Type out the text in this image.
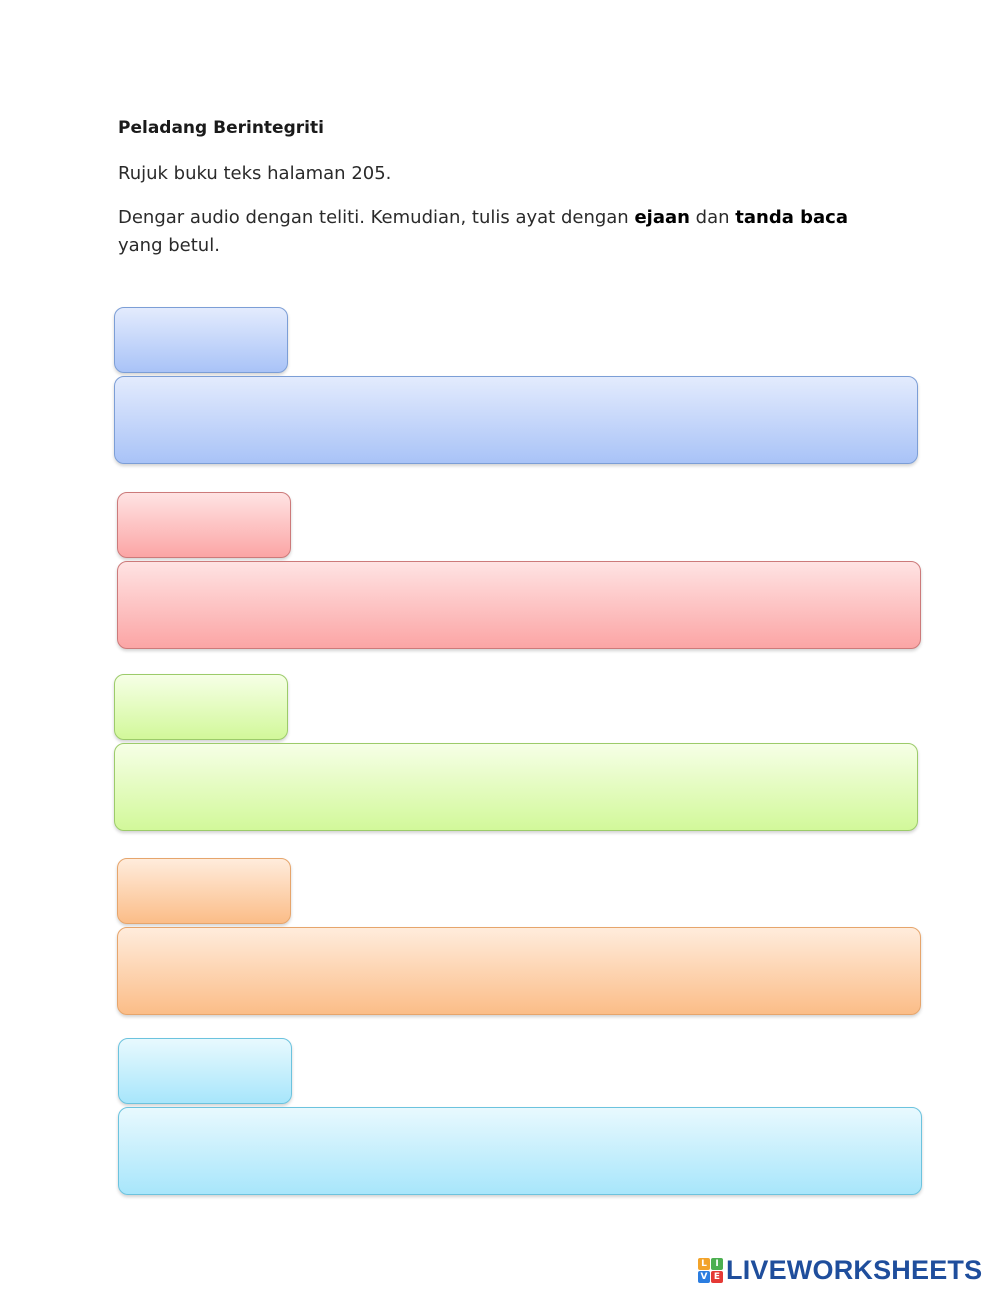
Peladang Berintegriti
Rujuk buku teks halaman 205.
Dengar audio dengan teliti. Kemudian, tulis ayat dengan ejaan dan tanda baca yang betul.
L I
V E LIVEWORKSHEETS
